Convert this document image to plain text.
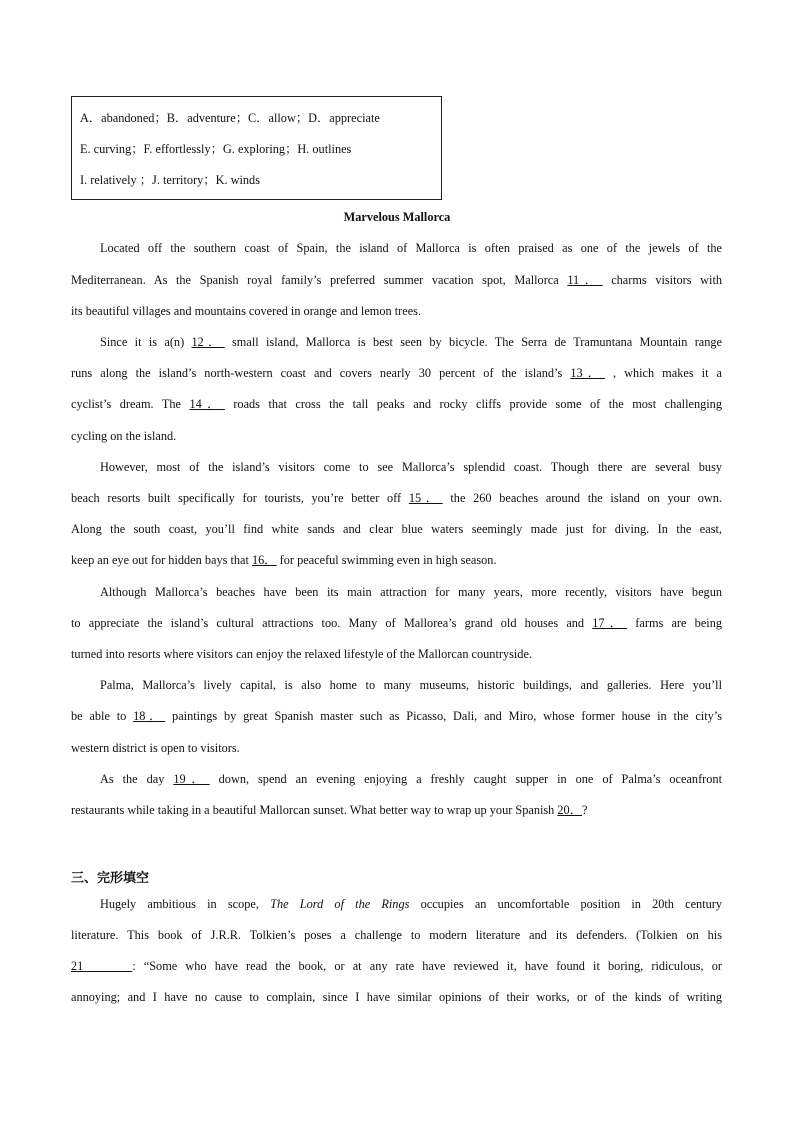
A．abandoned；B．adventure；C．allow；D．appreciate
E. curving；F. effortlessly；G. exploring；H. outlines
I. relatively ；J. territory；K. winds
Marvelous Mallorca
Located off the southern coast of Spain, the island of Mallorca is often praised as one of the jewels of the
Mediterranean. As the Spanish royal family’s preferred summer vacation spot, Mallorca 11． charms visitors with
its beautiful villages and mountains covered in orange and lemon trees.
Since it is a(n) 12． small island, Mallorca is best seen by bicycle. The Serra de Tramuntana Mountain range
runs along the island’s north-western coast and covers nearly 30 percent of the island’s 13． , which makes it a
cyclist’s dream. The 14． roads that cross the tall peaks and rocky cliffs provide some of the most challenging
cycling on the island.
However, most of the island’s visitors come to see Mallorca’s splendid coast. Though there are several busy
beach resorts built specifically for tourists, you’re better off 15． the 260 beaches around the island on your own.
Along the south coast, you’ll find white sands and clear blue waters seemingly made just for diving. In the east,
keep an eye out for hidden bays that 16． for peaceful swimming even in high season.
Although Mallorca’s beaches have been its main attraction for many years, more recently, visitors have begun
to appreciate the island’s cultural attractions too. Many of Mallorea’s grand old houses and 17． farms are being
turned into resorts where visitors can enjoy the relaxed lifestyle of the Mallorcan countryside.
Palma, Mallorca’s lively capital, is also home to many museums, historic buildings, and galleries. Here you’ll
be able to 18． paintings by great Spanish master such as Picasso, Dali, and Miro, whose former house in the city’s
western district is open to visitors.
As the day 19． down, spend an evening enjoying a freshly caught supper in one of Palma’s oceanfront
restaurants while taking in a beautiful Mallorcan sunset. What better way to wrap up your Spanish 20．?
三、完形填空
Hugely ambitious in scope, The Lord of the Rings occupies an uncomfortable position in 20th century
literature. This book of J.R.R. Tolkien’s poses a challenge to modern literature and its defenders. (Tolkien on his
21	: “Some who have read the book, or at any rate have reviewed it, have found it boring, ridiculous, or
annoying; and I have no cause to complain, since I have similar opinions of their works, or of the kinds of writing
